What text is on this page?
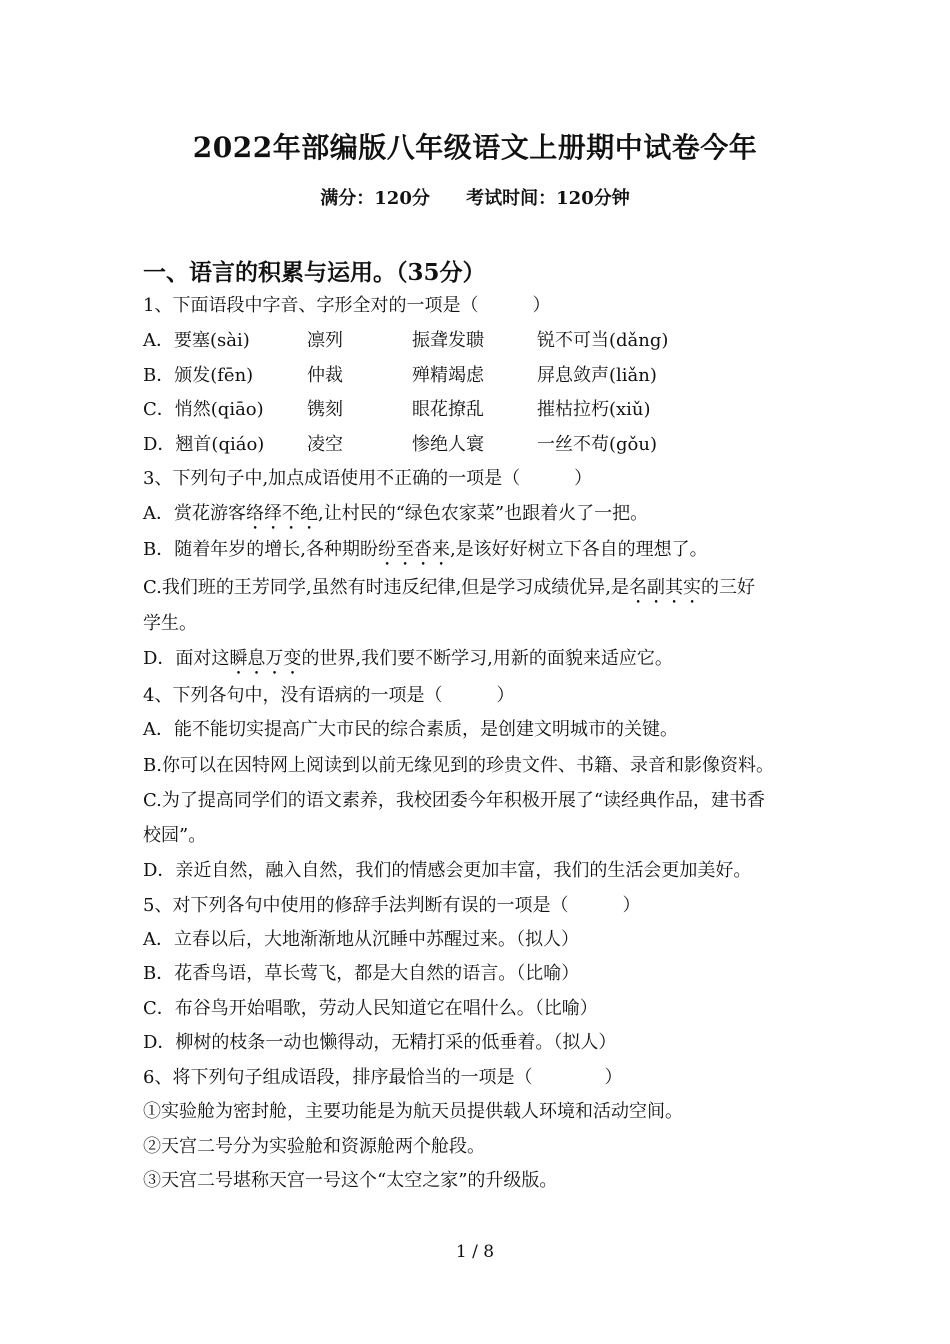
2022年部编版八年级语文上册期中试卷今年
满分：120分 考试时间：120分钟
一、语言的积累与运用。（35分）
1、下面语段中字音、字形全对的一项是（　　　）
A．要塞(sài)	凛列	振聋发聩	锐不可当(dǎng)
B．颁发(fēn)	仲裁	殚精竭虑	屏息敛声(liǎn)
C．悄然(qiāo) 镌刻	眼花撩乱	摧枯拉朽(xiǔ)
D．翘首(qiáo) 凌空	惨绝人寰	一丝不苟(gǒu)
3、下列句子中,加点成语使用不正确的一项是（　　　）
A．赏花游客络绎不绝,让村民的“绿色农家菜”也跟着火了一把。
B．随着年岁的增长,各种期盼纷至沓来,是该好好树立下各自的理想了。
C.我们班的王芳同学,虽然有时违反纪律,但是学习成绩优异,是名副其实的三好
学生。
D．面对这瞬息万变的世界,我们要不断学习,用新的面貌来适应它。
4、下列各句中，没有语病的一项是（　　　）
A．能不能切实提高广大市民的综合素质，是创建文明城市的关键。
B.你可以在因特网上阅读到以前无缘见到的珍贵文件、书籍、录音和影像资料。
C.为了提高同学们的语文素养，我校团委今年积极开展了“读经典作品，建书香
校园”。
D．亲近自然，融入自然，我们的情感会更加丰富，我们的生活会更加美好。
5、对下列各句中使用的修辞手法判断有误的一项是（　　　）
A．立春以后，大地渐渐地从沉睡中苏醒过来。（拟人）
B．花香鸟语，草长莺飞，都是大自然的语言。（比喻）
C．布谷鸟开始唱歌，劳动人民知道它在唱什么。（比喻）
D．柳树的枝条一动也懒得动，无精打采的低垂着。（拟人）
6、将下列句子组成语段，排序最恰当的一项是（　　　　）
①实验舱为密封舱，主要功能是为航天员提供载人环境和活动空间。
②天宫二号分为实验舱和资源舱两个舱段。
③天宫二号堪称天宫一号这个“太空之家”的升级版。
1 / 8
